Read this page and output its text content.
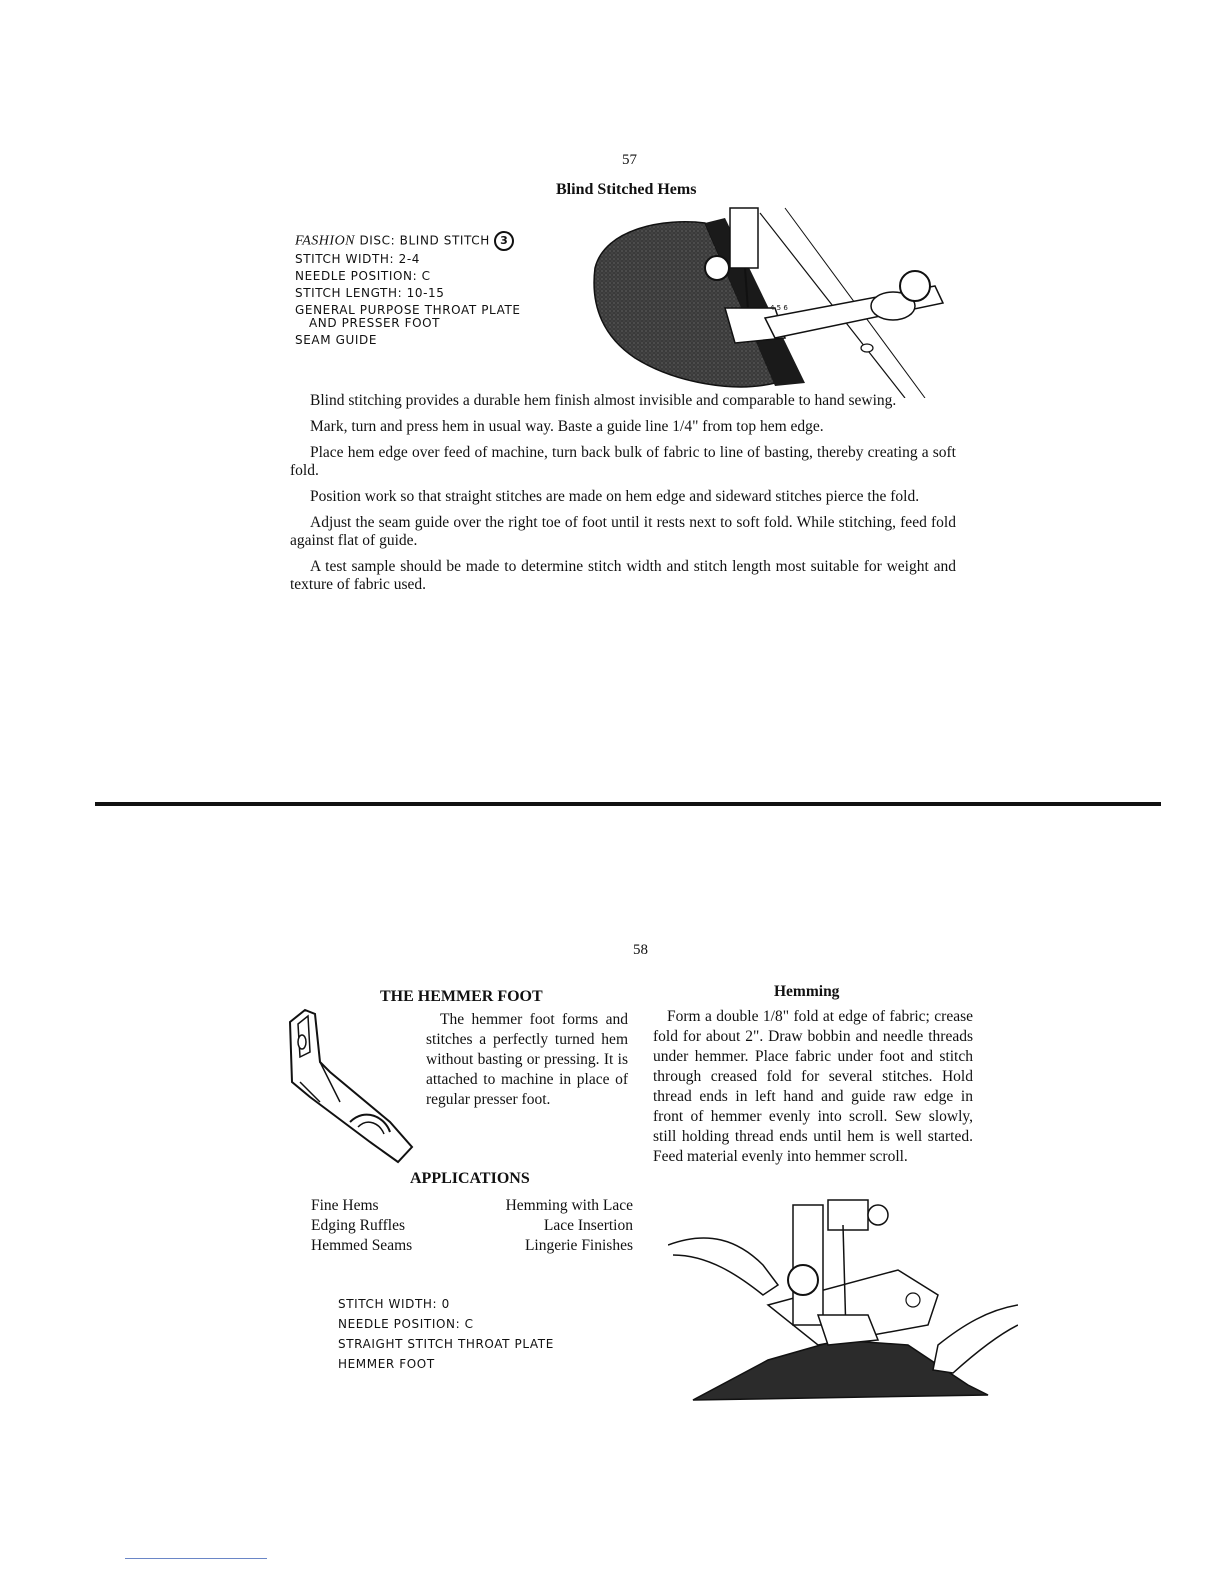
57
Blind Stitched Hems
FASHION DISC: BLIND STITCH 3
STITCH WIDTH: 2-4
NEEDLE POSITION: C
STITCH LENGTH: 10-15
GENERAL PURPOSE THROAT PLATE
AND PRESSER FOOT
SEAM GUIDE
4 5 6

Blind stitching provides a durable hem finish almost invisible and comparable to hand sewing.

Mark, turn and press hem in usual way. Baste a guide line 1/4" from top hem edge.

Place hem edge over feed of machine, turn back bulk of fabric to line of basting, thereby creating a soft fold.

Position work so that straight stitches are made on hem edge and sideward stitches pierce the fold.

Adjust the seam guide over the right toe of foot until it rests next to soft fold. While stitching, feed fold against flat of guide.

A test sample should be made to determine stitch width and stitch length most suitable for weight and texture of fabric used.

58
THE HEMMER FOOT
The hemmer foot forms and stitches a perfectly turned hem without basting or pressing. It is attached to machine in place of regular presser foot.
APPLICATIONS
Fine Hems	Hemming with Lace
Edging Ruffles	Lace Insertion
Hemmed Seams	Lingerie Finishes
STITCH WIDTH: 0
NEEDLE POSITION: C
STRAIGHT STITCH THROAT PLATE
HEMMER FOOT
Hemming
Form a double 1/8" fold at edge of fabric; crease fold for about 2". Draw bobbin and needle threads under hemmer. Place fabric under foot and stitch through creased fold for several stitches. Hold thread ends in left hand and guide raw edge in front of hemmer evenly into scroll. Sew slowly, still holding thread ends until hem is well started. Feed material evenly into hemmer scroll.
